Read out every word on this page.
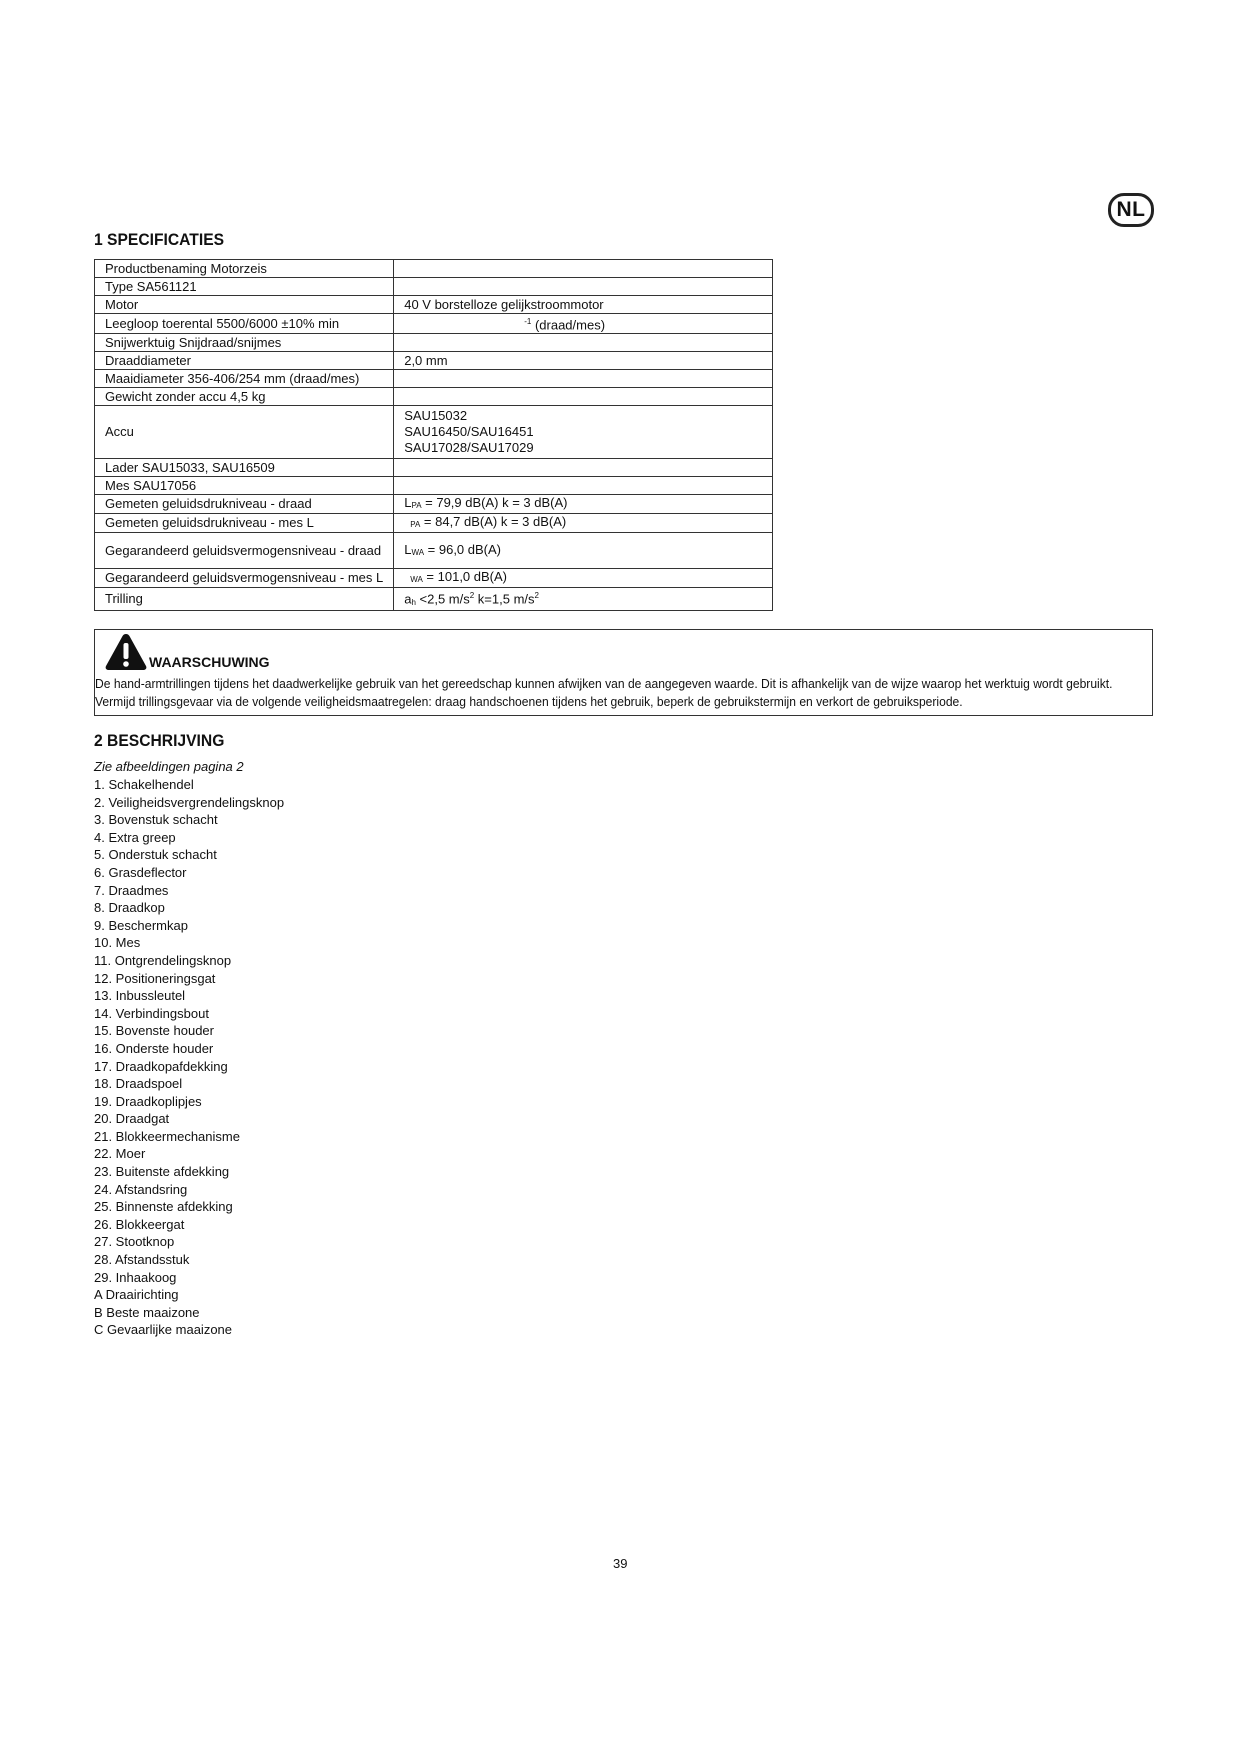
NL
1 SPECIFICATIES
Productbenaming Motorzeis	
Type SA561121	
Motor	40 V borstelloze gelijkstroommotor
Leegloop toerental 5500/6000 ±10% min	$^{-1}$ (draad/mes)
Snijwerktuig Snijdraad/snijmes	
Draaddiameter	2,0 mm
Maaidiameter 356-406/254 mm (draad/mes)	
Gewicht zonder accu 4,5 kg	
Accu	SAU15032
SAU16450/SAU16451
SAU17028/SAU17029

Lader SAU15033, SAU16509	
Mes SAU17056	
Gemeten geluidsdrukniveau - draad	LPA = 79,9 dB(A) k = 3 dB(A)
Gemeten geluidsdrukniveau - mes L	PA = 84,7 dB(A) k = 3 dB(A)
Gegarandeerd geluidsvermogensniveau - draad	LWA = 96,0 dB(A)
Gegarandeerd geluidsvermogensniveau - mes L	WA = 101,0 dB(A)
Trilling	ah <2,5 $m/s^2$ k=1,5 $m/s^2$
WAARSCHUWING
De hand-armtrillingen tijdens het daadwerkelijke gebruik van het gereedschap kunnen afwijken van de aangegeven waarde. Dit is afhankelijk van de wijze waarop het werktuig wordt gebruikt. Vermijd trillingsgevaar via de volgende veiligheidsmaatregelen: draag handschoenen tijdens het gebruik, beperk de gebruikstermijn en verkort de gebruiksperiode.
2 BESCHRIJVING
Zie afbeeldingen pagina 2
1. Schakelhendel
2. Veiligheidsvergrendelingsknop
3. Bovenstuk schacht
4. Extra greep
5. Onderstuk schacht
6. Grasdeflector
7. Draadmes
8. Draadkop
9. Beschermkap
10. Mes
11. Ontgrendelingsknop
12. Positioneringsgat
13. Inbussleutel
14. Verbindingsbout
15. Bovenste houder
16. Onderste houder
17. Draadkopafdekking
18. Draadspoel
19. Draadkoplipjes
20. Draadgat
21. Blokkeermechanisme
22. Moer
23. Buitenste afdekking
24. Afstandsring
25. Binnenste afdekking
26. Blokkeergat
27. Stootknop
28. Afstandsstuk
29. Inhaakoog
A Draairichting
B Beste maaizone
C Gevaarlijke maaizone
39
